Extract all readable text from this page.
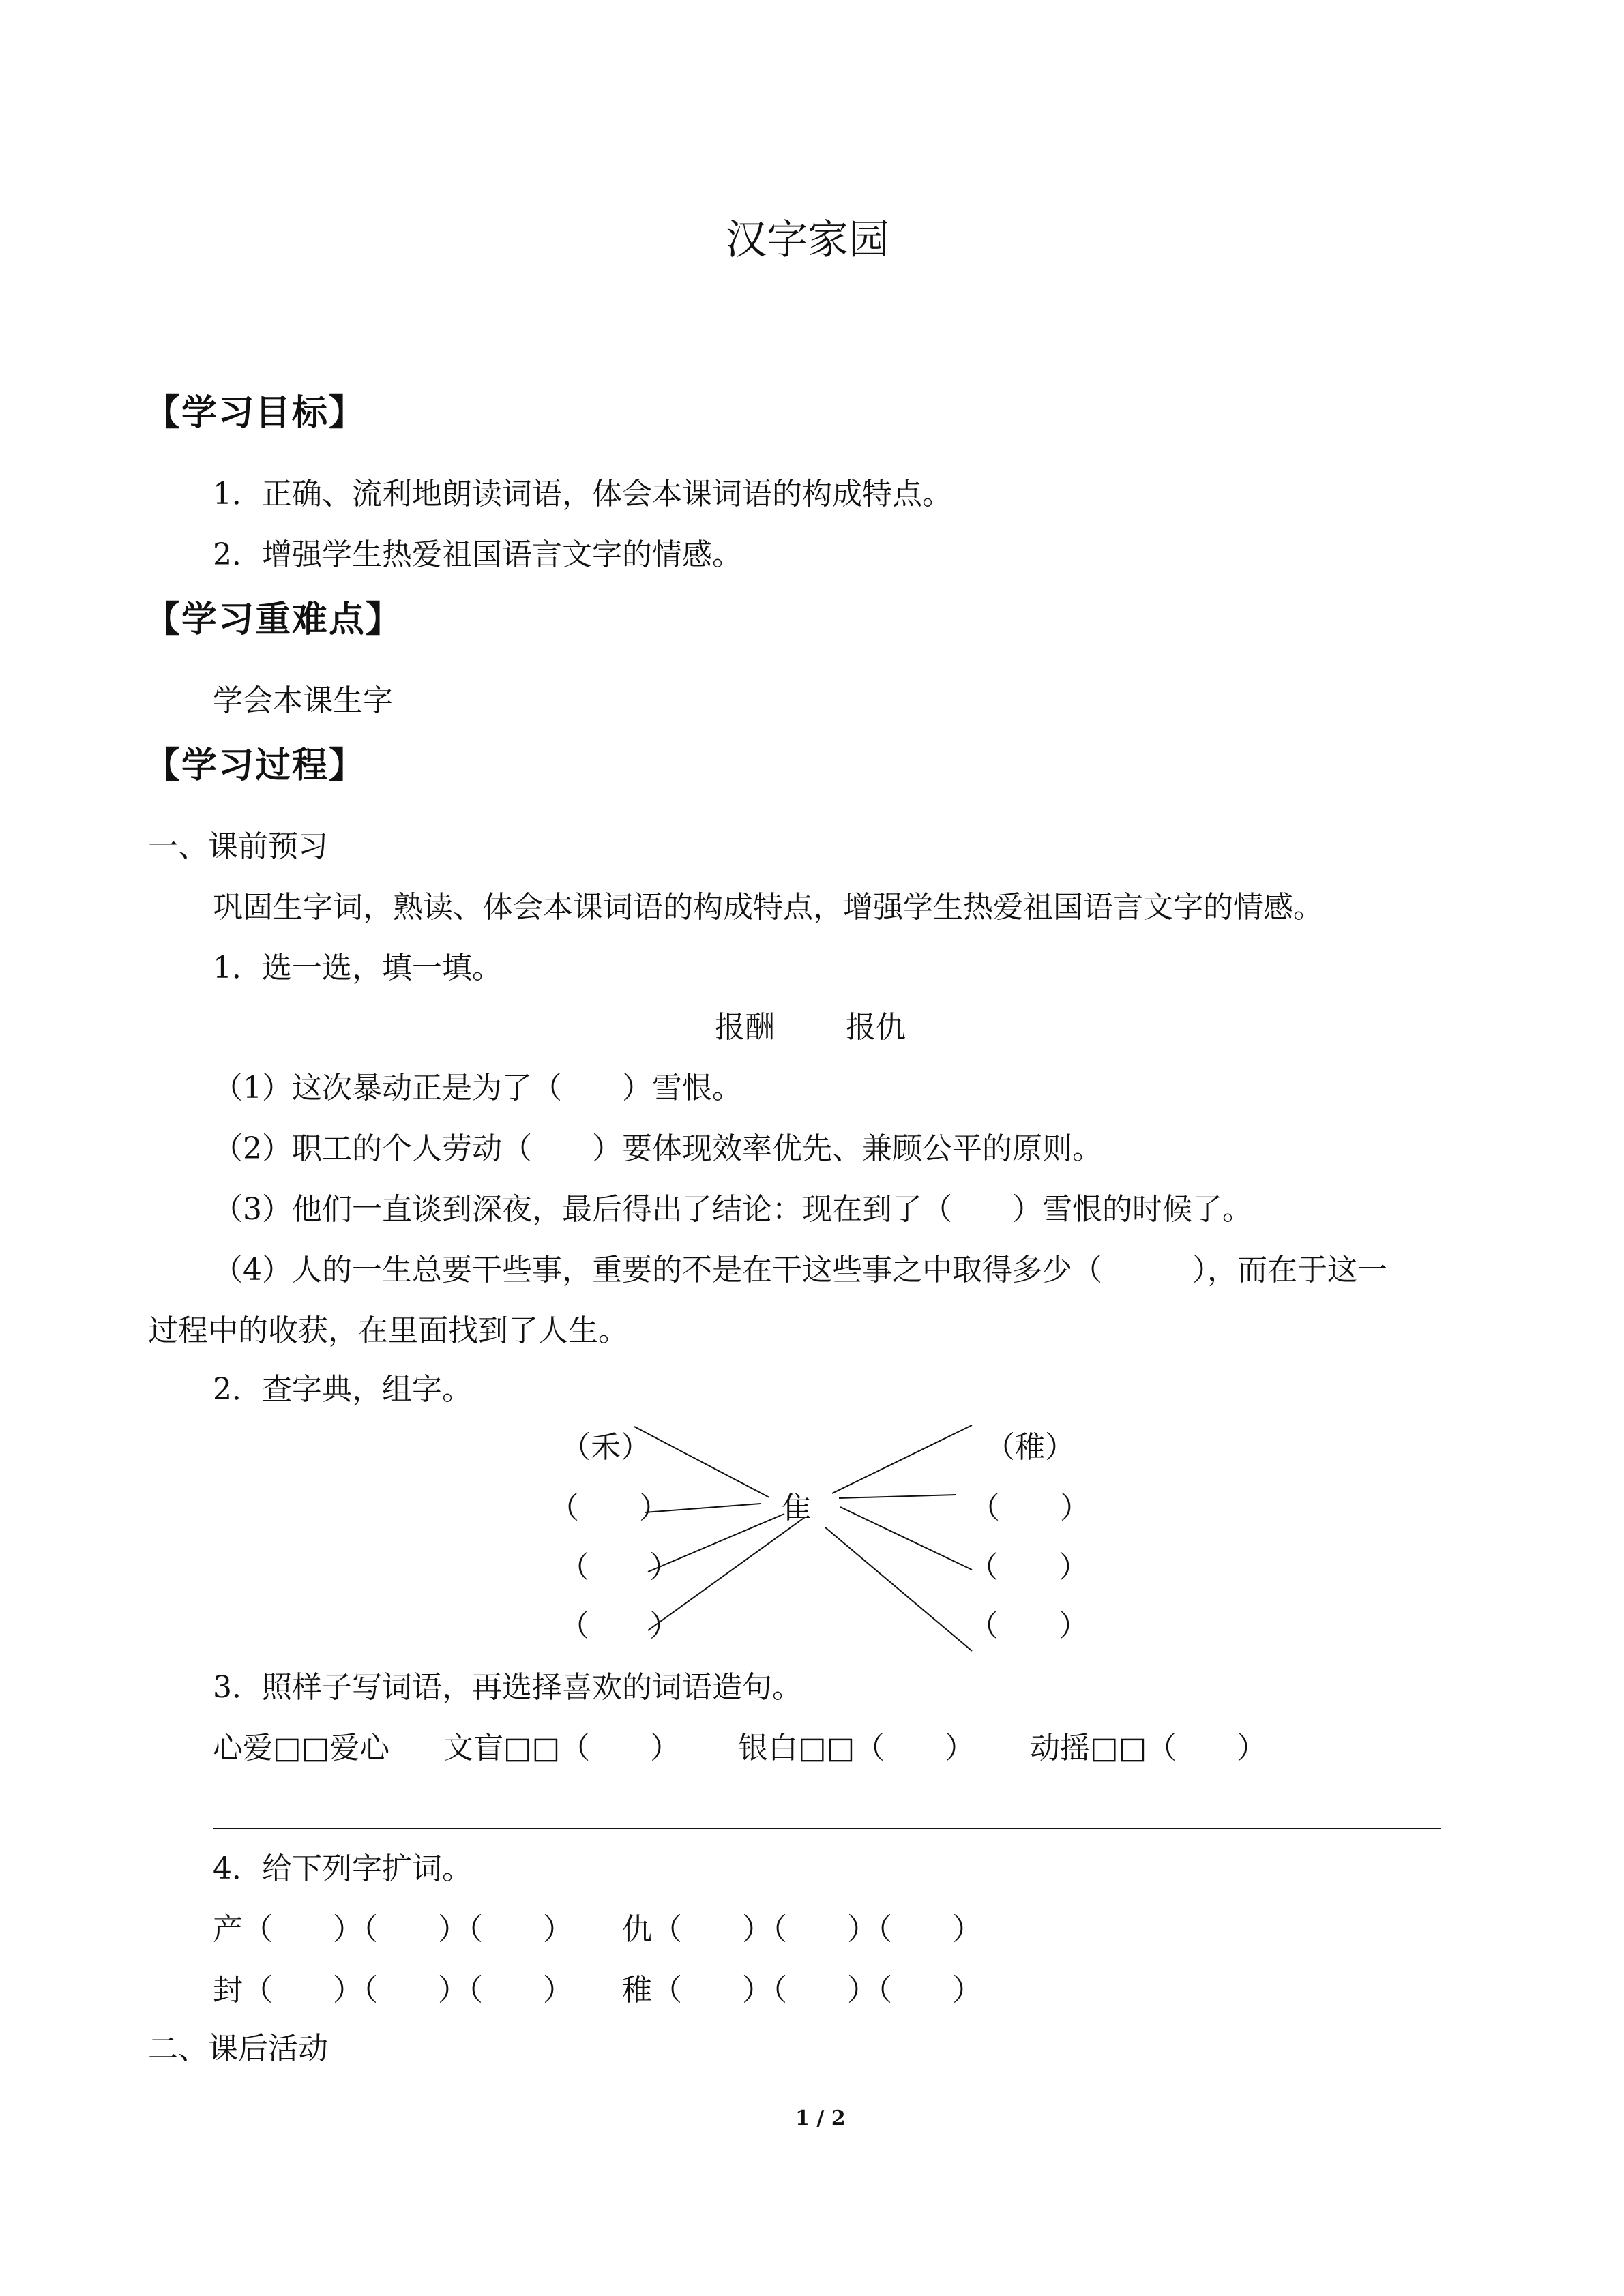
汉字家园
【学习目标】
1．正确、流利地朗读词语，体会本课词语的构成特点。
2．增强学生热爱祖国语言文字的情感。
【学习重难点】
学会本课生字
【学习过程】
一、课前预习
巩固生字词，熟读、体会本课词语的构成特点，增强学生热爱祖国语言文字的情感。
1．选一选，填一填。
报酬 报仇
（1）这次暴动正是为了（　　）雪恨。
（2）职工的个人劳动（　　）要体现效率优先、兼顾公平的原则。
（3）他们一直谈到深夜，最后得出了结论：现在到了（　　）雪恨的时候了。
（4）人的一生总要干些事，重要的不是在干这些事之中取得多少（　　　），而在于这一
过程中的收获，在里面找到了人生。
2．查字典，组字。
（禾）
（　　）
（　　）
（　　）
隹
（稚）
（　　）
（　　）
（　　）
3．照样子写词语，再选择喜欢的词语造句。
心爱□□爱心 文盲□□（　　） 银白□□（　　） 动摇□□（　　）
4．给下列字扩词。
产（　　）（　　）（　　） 仇（　　）（　　）（　　）
封（　　）（　　）（　　） 稚（　　）（　　）（　　）
二、课后活动
1 / 2
